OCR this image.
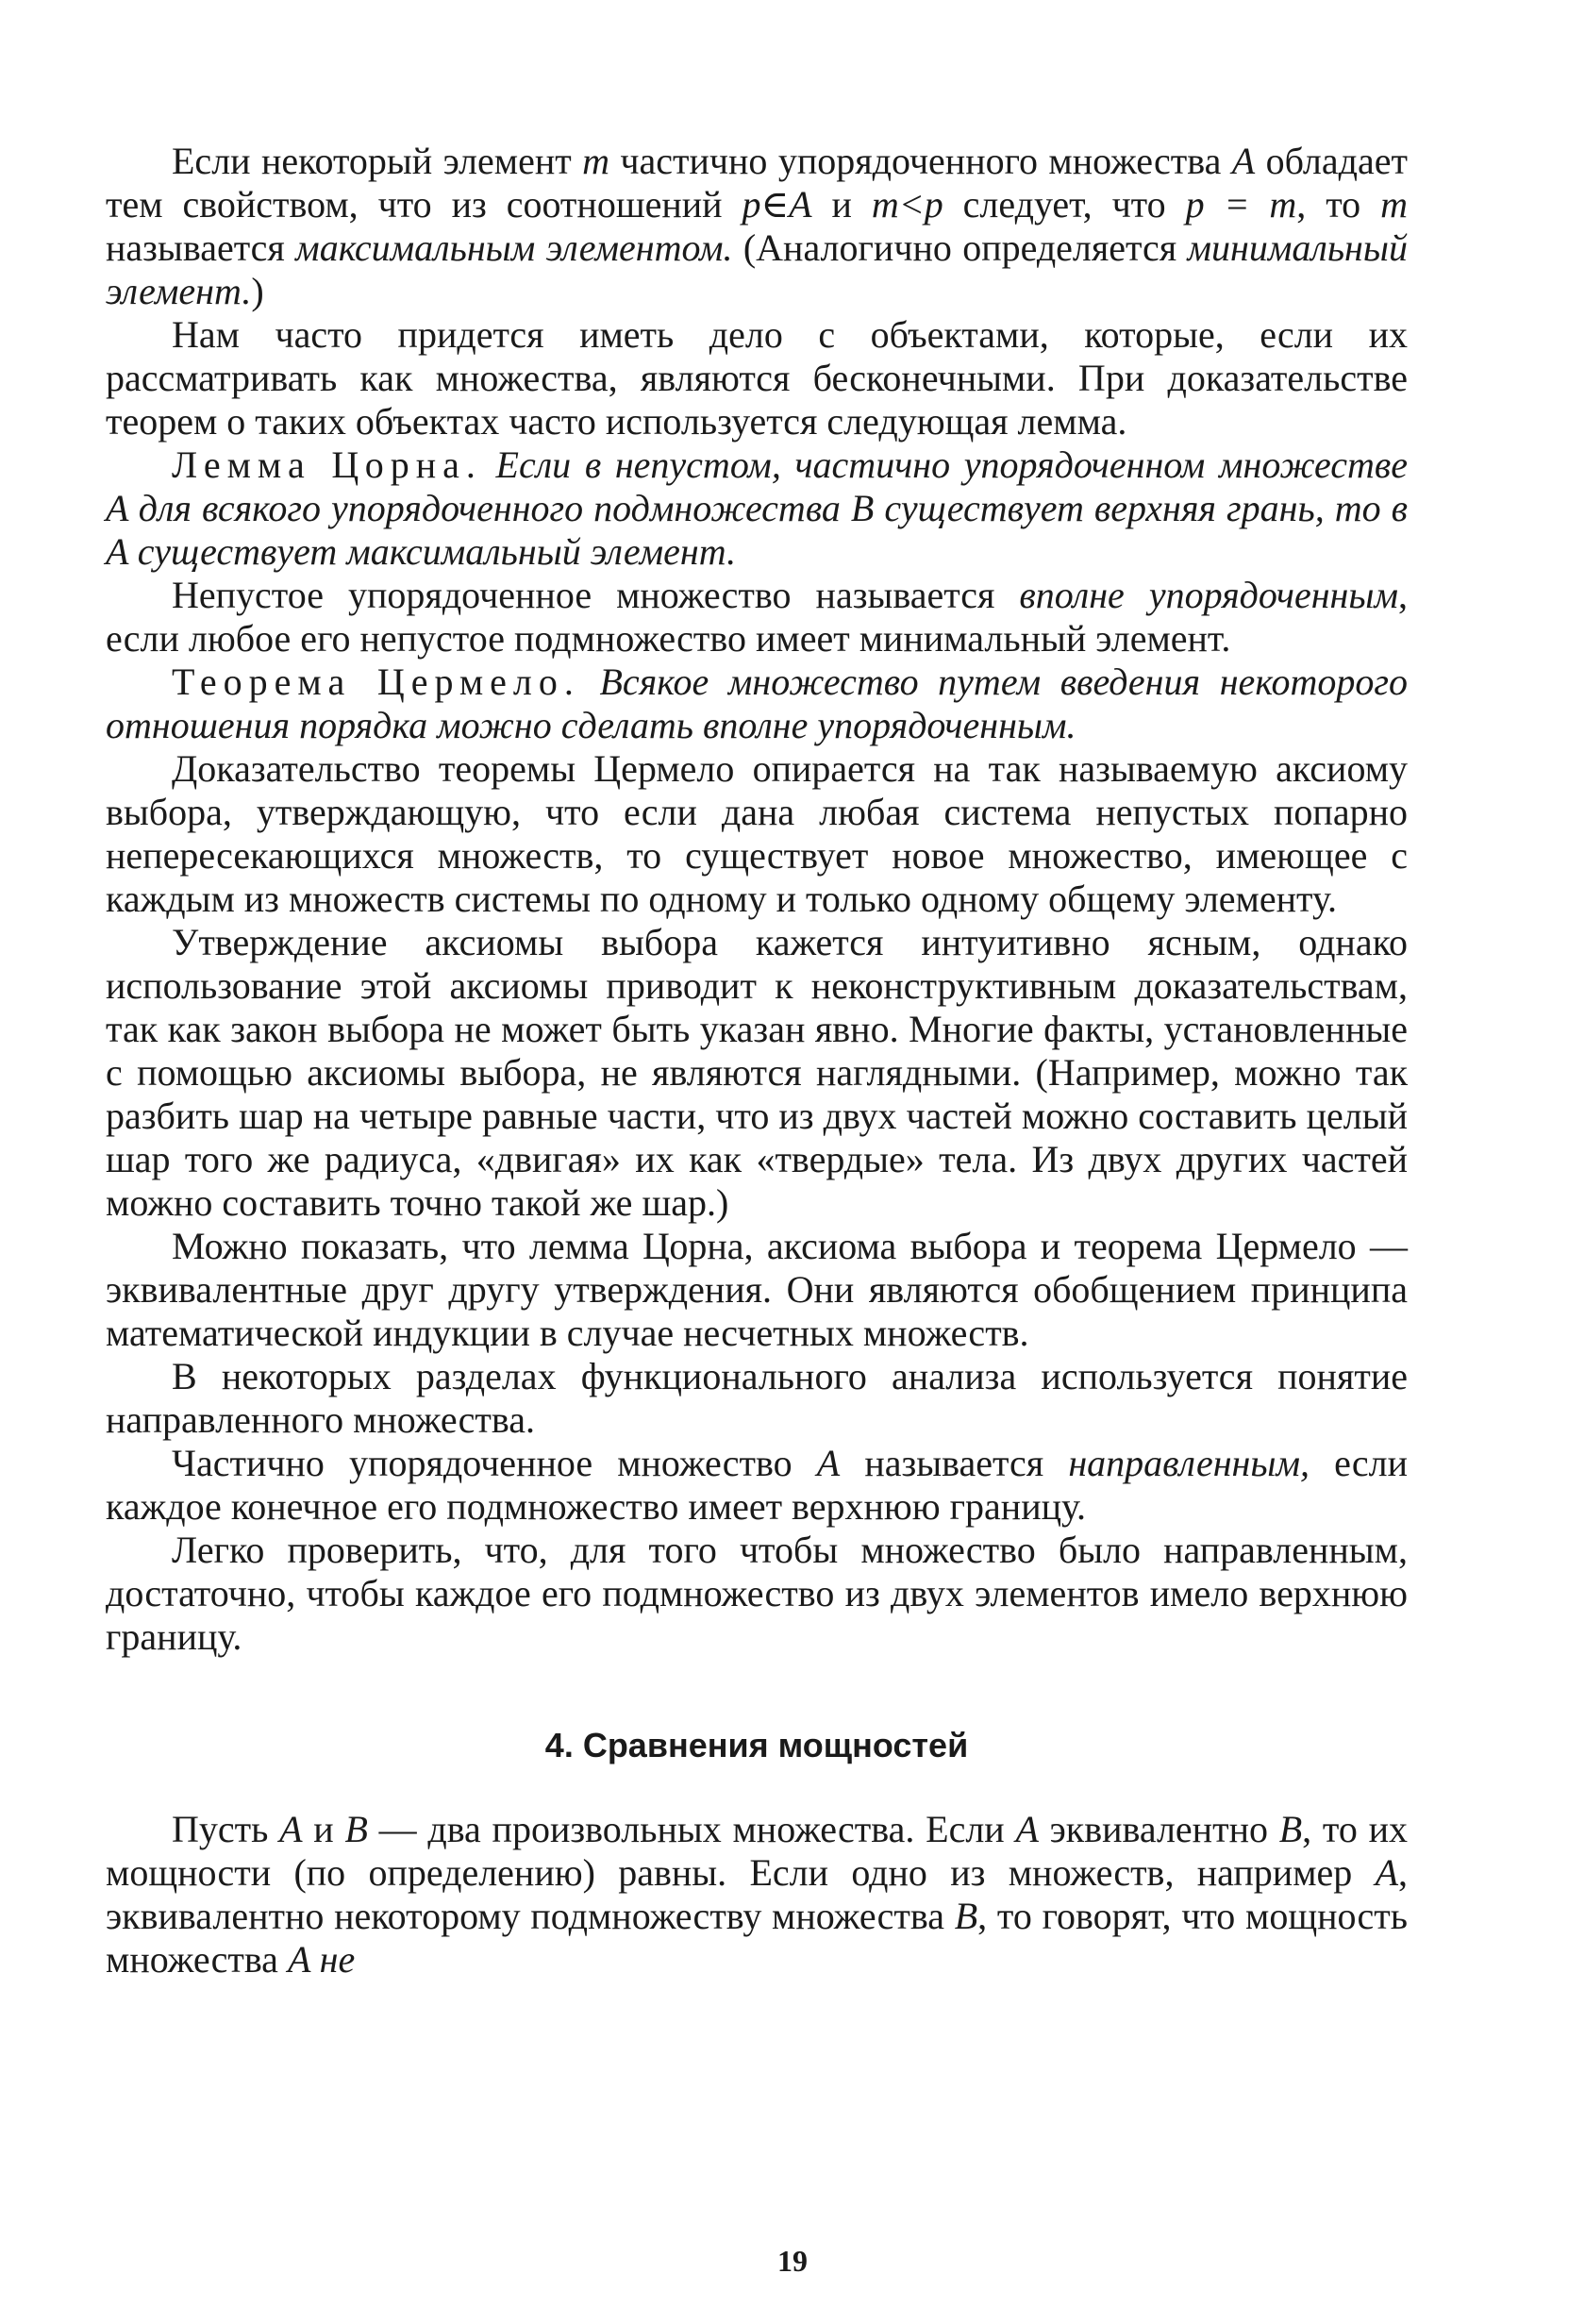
Если некоторый элемент m частично упорядоченного множества A обладает тем свойством, что из соотношений p∈A и m<p следует, что p = m, то m называется максимальным элементом. (Аналогично определяется минимальный элемент.)

Нам часто придется иметь дело с объектами, которые, если их рассматривать как множества, являются бесконечными. При доказательстве теорем о таких объектах часто используется следующая лемма.

Лемма Цорна. Если в непустом, частично упорядоченном множестве A для всякого упорядоченного подмножества B существует верхняя грань, то в A существует максимальный элемент.

Непустое упорядоченное множество называется вполне упорядоченным, если любое его непустое подмножество имеет минимальный элемент.

Теорема Цермело. Всякое множество путем введения некоторого отношения порядка можно сделать вполне упорядоченным.

Доказательство теоремы Цермело опирается на так называемую аксиому выбора, утверждающую, что если дана любая система непустых попарно непересекающихся множеств, то существует новое множество, имеющее с каждым из множеств системы по одному и только одному общему элементу.

Утверждение аксиомы выбора кажется интуитивно ясным, однако использование этой аксиомы приводит к неконструктивным доказательствам, так как закон выбора не может быть указан явно. Многие факты, установленные с помощью аксиомы выбора, не являются наглядными. (Например, можно так разбить шар на четыре равные части, что из двух частей можно составить целый шар того же радиуса, «двигая» их как «твердые» тела. Из двух других частей можно составить точно такой же шар.)

Можно показать, что лемма Цорна, аксиома выбора и теорема Цермело — эквивалентные друг другу утверждения. Они являются обобщением принципа математической индукции в случае несчетных множеств.

В некоторых разделах функционального анализа используется понятие направленного множества.

Частично упорядоченное множество A называется направленным, если каждое конечное его подмножество имеет верхнюю границу.

Легко проверить, что, для того чтобы множество было направленным, достаточно, чтобы каждое его подмножество из двух элементов имело верхнюю границу.

4. Сравнения мощностей

Пусть A и B — два произвольных множества. Если A эквивалентно B, то их мощности (по определению) равны. Если одно из множеств, например A, эквивалентно некоторому подмножеству множества B, то говорят, что мощность множества A не

19
